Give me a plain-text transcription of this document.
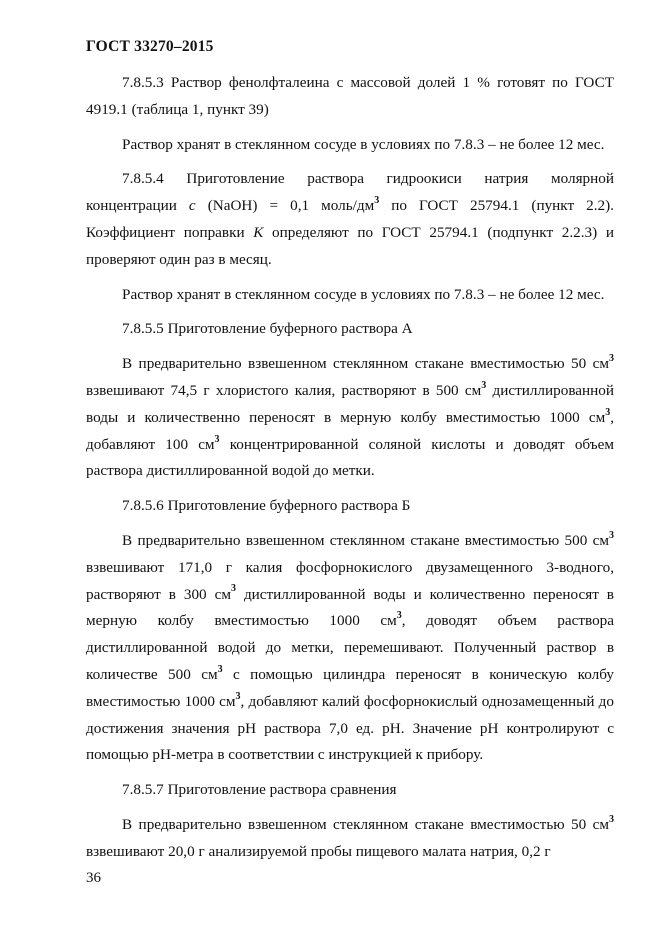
ГОСТ 33270–2015

7.8.5.3 Раствор фенолфталеина с массовой долей 1 % готовят по ГОСТ 4919.1 (таблица 1, пункт 39)

Раствор хранят в стеклянном сосуде в условиях по 7.8.3 – не более 12 мес.

7.8.5.4 Приготовление раствора гидроокиси натрия молярной концентрации c (NaOH) = 0,1 моль/$дм^3$ по ГОСТ 25794.1 (пункт 2.2). Коэффициент поправки K определяют по ГОСТ 25794.1 (подпункт 2.2.3) и проверяют один раз в месяц.

Раствор хранят в стеклянном сосуде в условиях по 7.8.3 – не более 12 мес.

7.8.5.5 Приготовление буферного раствора А

В предварительно взвешенном стеклянном стакане вместимостью 50 $см^3$ взвешивают 74,5 г хлористого калия, растворяют в 500 $см^3$ дистиллированной воды и количественно переносят в мерную колбу вместимостью 1000 $см^3$, добавляют 100 $см^3$ концентрированной соляной кислоты и доводят объем раствора дистиллированной водой до метки.

7.8.5.6 Приготовление буферного раствора Б

В предварительно взвешенном стеклянном стакане вместимостью 500 $см^3$ взвешивают 171,0 г калия фосфорнокислого двузамещенного 3-водного, растворяют в 300 $см^3$ дистиллированной воды и количественно переносят в мерную колбу вместимостью 1000 $см^3$, доводят объем раствора дистиллированной водой до метки, перемешивают. Полученный раствор в количестве 500 $см^3$ с помощью цилиндра переносят в коническую колбу вместимостью 1000 $см^3$, добавляют калий фосфорнокислый однозамещенный до достижения значения pH раствора 7,0 ед. pH. Значение pH контролируют с помощью pH-метра в соответствии с инструкцией к прибору.

7.8.5.7 Приготовление раствора сравнения

В предварительно взвешенном стеклянном стакане вместимостью 50 $см^3$ взвешивают 20,0 г анализируемой пробы пищевого малата натрия, 0,2 г

36
